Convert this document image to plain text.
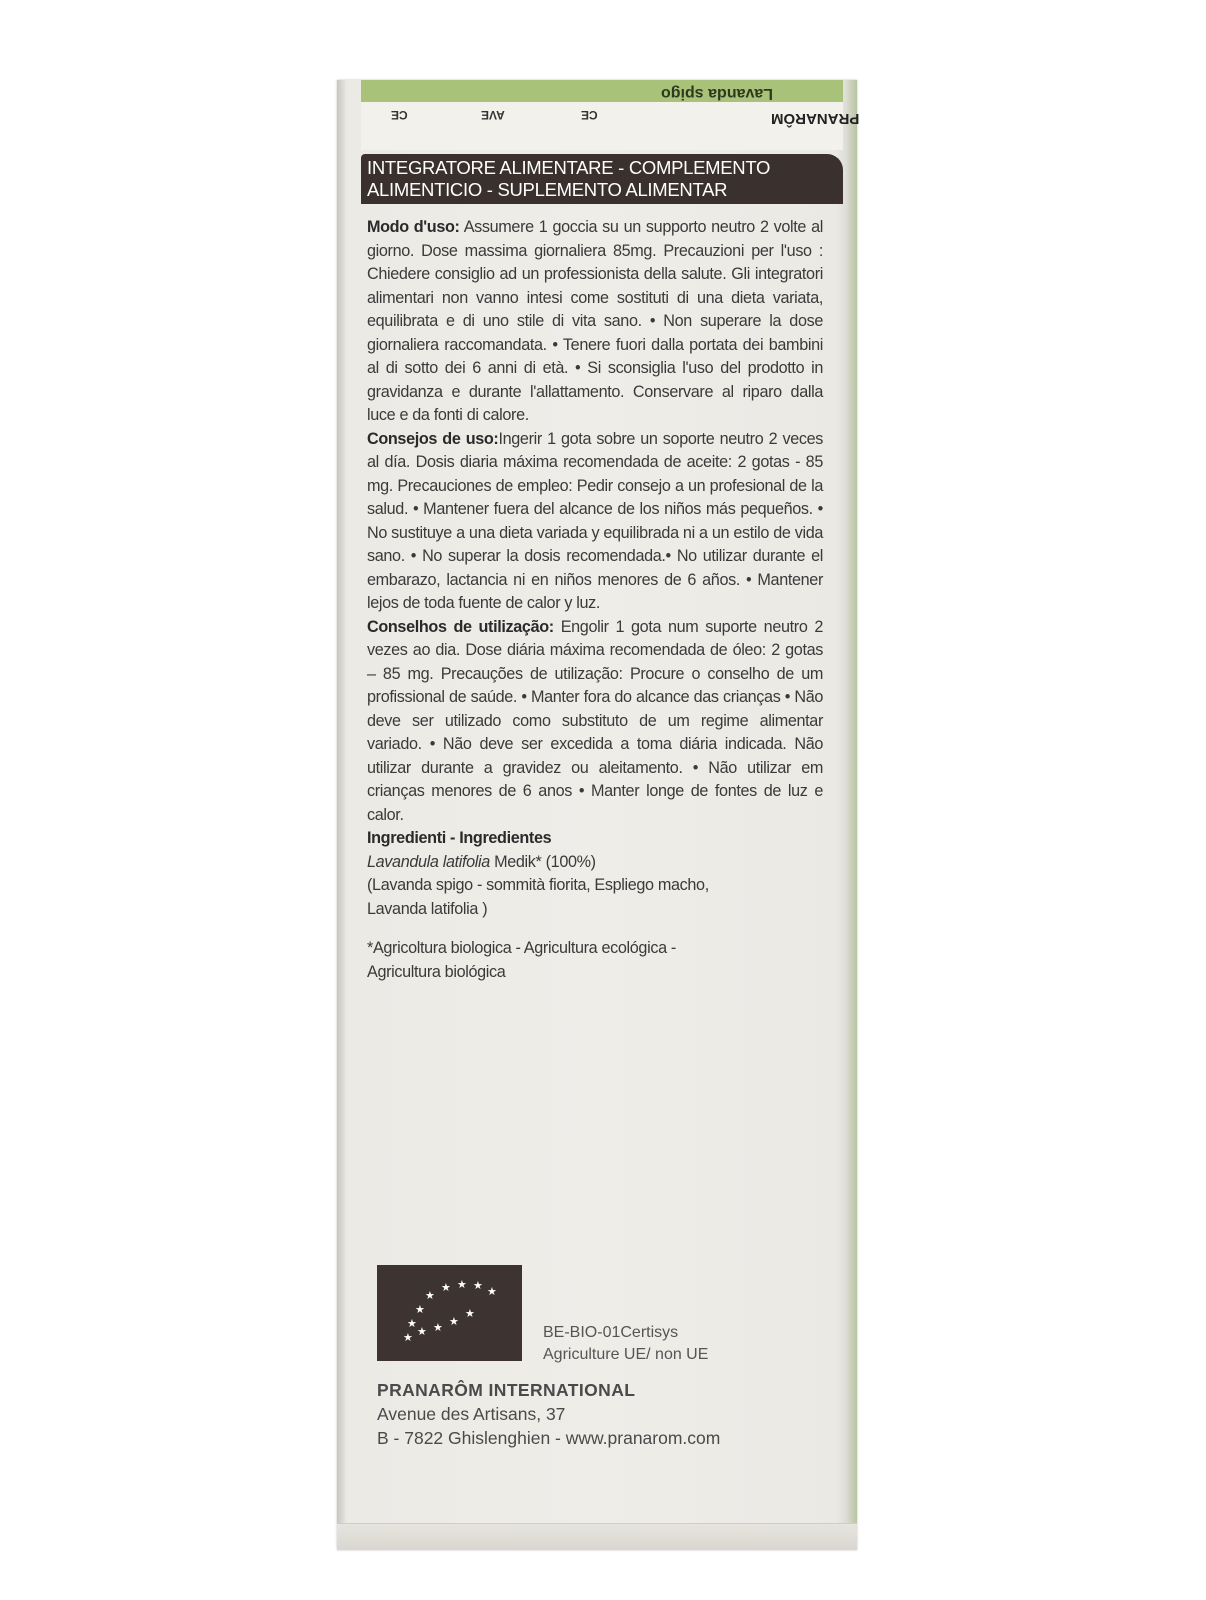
CE	AVE	CE
Lavanda spigo
PRANARÔM
INTEGRATORE ALIMENTARE - COMPLEMENTO
ALIMENTICIO - SUPLEMENTO ALIMENTAR

Modo d'uso: Assumere 1 goccia su un supporto neutro 2 volte al giorno. Dose massima giornaliera 85mg. Precauzioni per l'uso : Chiedere consiglio ad un professionista della salute. Gli integratori alimentari non vanno intesi come sostituti di una dieta variata, equilibrata e di uno stile di vita sano. • Non superare la dose giornaliera raccomandata. • Tenere fuori dalla portata dei bambini al di sotto dei 6 anni di età. • Si sconsiglia l'uso del prodotto in gravidanza e durante l'allattamento. Conservare al riparo dalla luce e da fonti di calore.

Consejos de uso:Ingerir 1 gota sobre un soporte neutro 2 veces al día. Dosis diaria máxima recomendada de aceite: 2 gotas - 85 mg. Precauciones de empleo: Pedir consejo a un profesional de la salud. • Mantener fuera del alcance de los niños más pequeños. • No sustituye a una dieta variada y equilibrada ni a un estilo de vida sano. • No superar la dosis recomendada.• No utilizar durante el embarazo, lactancia ni en niños menores de 6 años. • Mantener lejos de toda fuente de calor y luz.

Conselhos de utilização: Engolir 1 gota num suporte neutro 2 vezes ao dia. Dose diária máxima recomendada de óleo: 2 gotas – 85 mg. Precauções de utilização: Procure o conselho de um profissional de saúde. • Manter fora do alcance das crianças • Não deve ser utilizado como substituto de um regime alimentar variado. • Não deve ser excedida a toma diária indicada. Não utilizar durante a gravidez ou aleitamento. • Não utilizar em crianças menores de 6 anos • Manter longe de fontes de luz e calor.

Ingredienti - Ingredientes

Lavandula latifolia Medik* (100%)

(Lavanda spigo - sommità fiorita, Espliego macho,

Lavanda latifolia )

*Agricoltura biologica - Agricultura ecológica -

Agricultura biológica

★ ★ ★ ★
★
★
★
★ ★ ★ ★
★
BE-BIO-01Certisys
Agriculture UE/ non UE
PRANARÔM INTERNATIONAL
Avenue des Artisans, 37
B - 7822 Ghislenghien - www.pranarom.com
